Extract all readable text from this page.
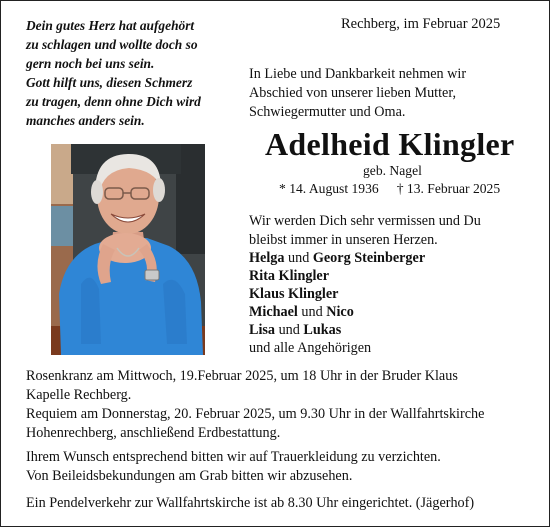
Dein gutes Herz hat aufgehört
zu schlagen und wollte doch so
gern noch bei uns sein.
Gott hilft uns, diesen Schmerz
zu tragen, denn ohne Dich wird
manches anders sein.
Rechberg, im Februar 2025
In Liebe und Dankbarkeit nehmen wir
Abschied von unserer lieben Mutter,
Schwiegermutter und Oma.
Adelheid Klingler
geb. Nagel
* 14. August 1936 † 13. Februar 2025
Wir werden Dich sehr vermissen und Du
bleibst immer in unseren Herzen.
Helga und Georg Steinberger
Rita Klingler
Klaus Klingler
Michael und Nico
Lisa und Lukas
und alle Angehörigen
Rosenkranz am Mittwoch, 19.Februar 2025, um 18 Uhr in der Bruder Klaus
Kapelle Rechberg.
Requiem am Donnerstag, 20. Februar 2025, um 9.30 Uhr in der Wallfahrtskirche
Hohenrechberg, anschließend Erdbestattung.
Ihrem Wunsch entsprechend bitten wir auf Trauerkleidung zu verzichten.
Von Beileidsbekundungen am Grab bitten wir abzusehen.
Ein Pendelverkehr zur Wallfahrtskirche ist ab 8.30 Uhr eingerichtet. (Jägerhof)
